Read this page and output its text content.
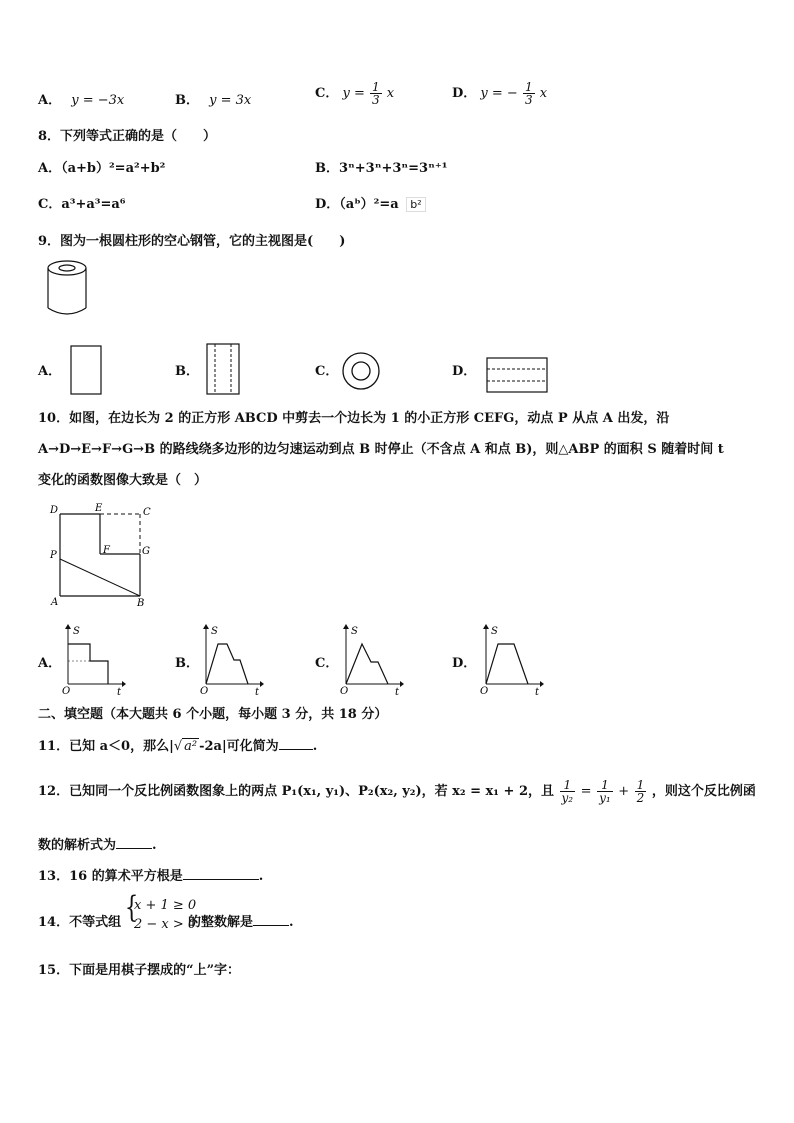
A． y = −3x	B． y = 3x	C． $y = \frac{1}{3}$ x	D． y = − $\frac{1}{3}$ x
8．下列等式正确的是（　　）
A．（a+b）²=a²+b²	B．3ⁿ+3ⁿ+3ⁿ=3ⁿ⁺¹
C．a³+a³=a⁶	D．（aᵇ）²=a b²
9．图为一根圆柱形的空心钢管，它的主视图是(　　)
A．	B．	C．	D．
10．如图，在边长为 2 的正方形 ABCD 中剪去一个边长为 1 的小正方形 CEFG，动点 P 从点 A 出发，沿
A→D→E→F→G→B 的路线绕多边形的边匀速运动到点 B 时停止（不含点 A 和点 B)，则△ABP 的面积 S 随着时间 t
变化的函数图像大致是（　）
D	E	C
P	F	G
A	B
A．
S
O	t
B．
S
O	t
C．
S
O	t
D．
S
O	t
二、填空题（本大题共 6 个小题，每小题 3 分，共 18 分）
11．已知 a＜0，那么|√ a² -2a|可化简为	.
12．已知同一个反比例函数图象上的两点 P₁(x₁, y₁)、P₂(x₂, y₂)，若 x₂ = x₁ + 2，且 $\frac{1}{\text{y₂}} = \frac{1}{\text{y₁}} + \frac{1}{2}$ ，则这个反比例函
数的解析式为	.
13．16 的算术平方根是	.
14．不等式组 {
x + 1 ≥ 0
2 − x > 0
的整数解是	.
15．下面是用棋子摆成的“上”字：
